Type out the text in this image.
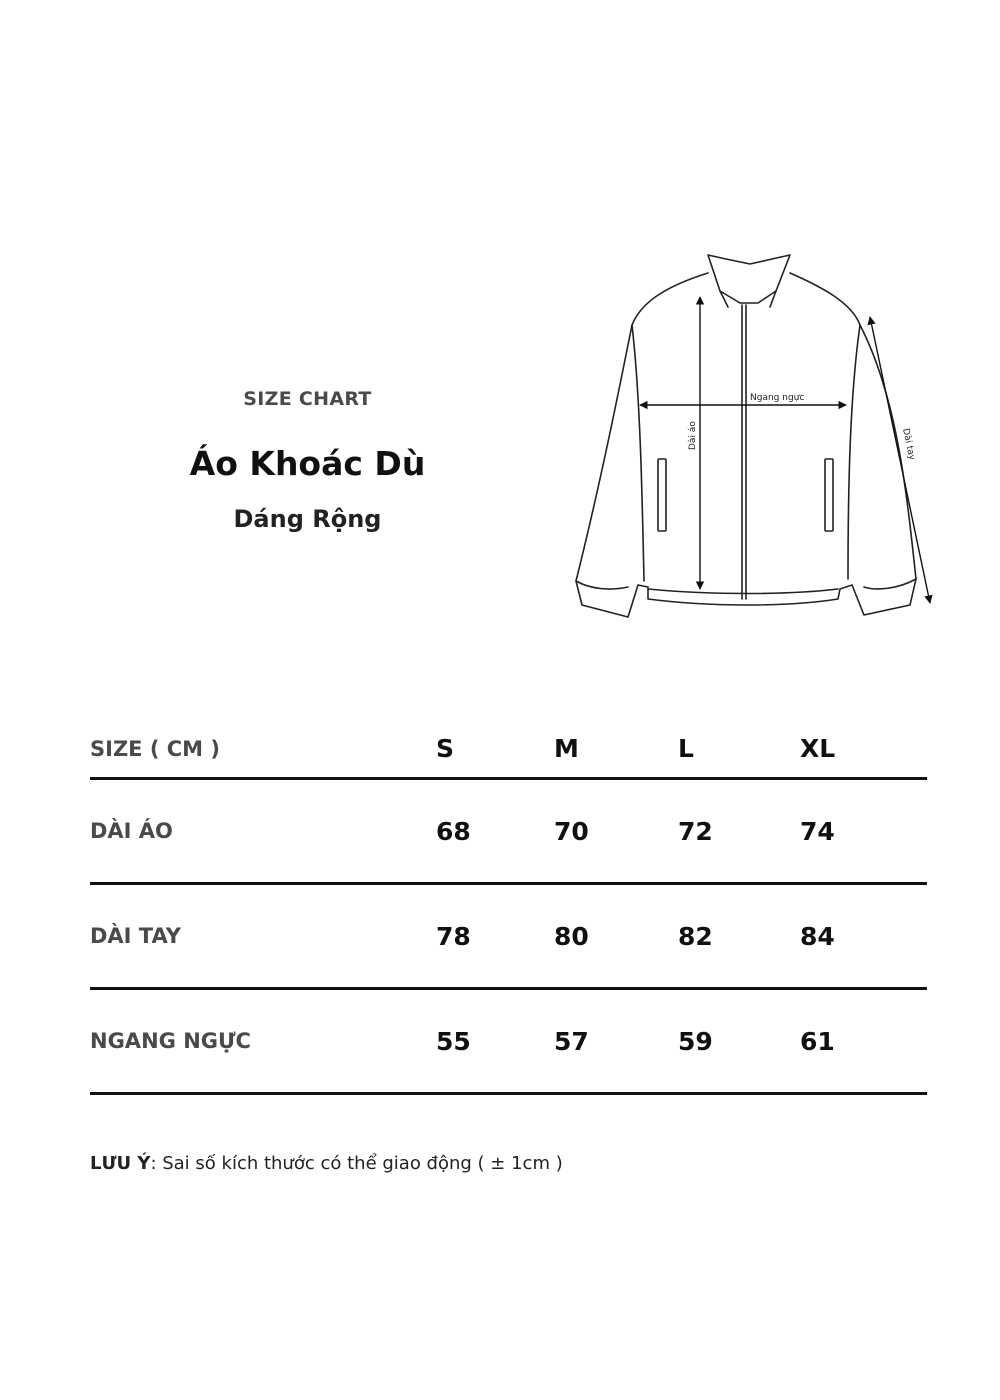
SIZE CHART

Áo Khoác Dù

Dáng Rộng

Ngang ngực
Dài áo	Dài tay
SIZE ( CM )	S	M	L	XL
DÀI ÁO	68	70	72	74
DÀI TAY	78	80	82	84
NGANG NGỰC	55	57	59	61
LƯU Ý: Sai số kích thước có thể giao động ( ± 1cm )
